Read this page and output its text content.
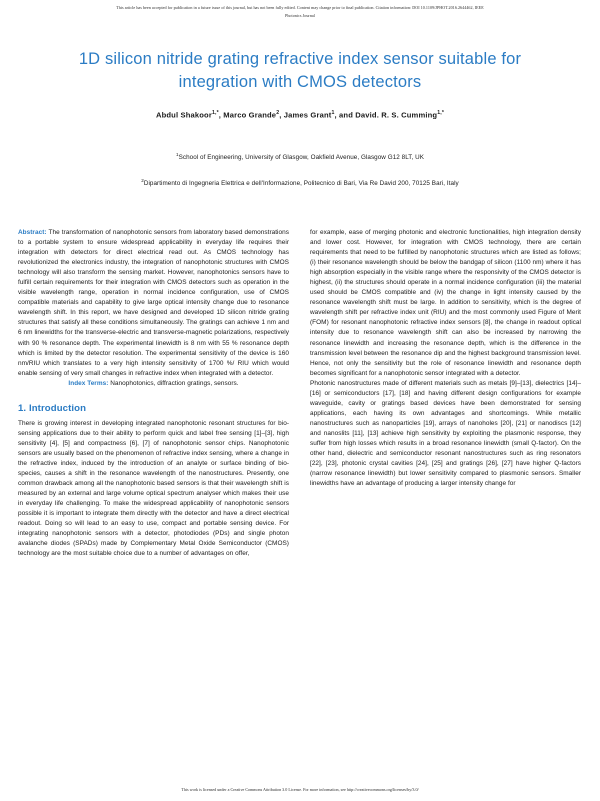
This article has been accepted for publication in a future issue of this journal, but has not been fully edited. Content may change prior to final publication. Citation information: DOI 10.1109/JPHOT.2016.2644462, IEEE
Photonics Journal
1D silicon nitride grating refractive index sensor suitable for integration with CMOS detectors
Abdul Shakoor$^{1,*}$, Marco Grande$^2$, James Grant$^1$, and David. R. S. Cumming$^{1,*}$
$^1$School of Engineering, University of Glasgow, Oakfield Avenue, Glasgow G12 8LT, UK
$^2$Dipartimento di Ingegneria Elettrica e dell'Informazione, Politecnico di Bari, Via Re David 200, 70125 Bari, Italy

Abstract: The transformation of nanophotonic sensors from laboratory based demonstrations to a portable system to ensure widespread applicability in everyday life requires their integration with detectors for direct electrical read out. As CMOS technology has revolutionized the electronics industry, the integration of nanophotonic structures with CMOS technology will also transform the sensing market. However, nanophotonics sensors have to fulfill certain requirements for their integration with CMOS detectors such as operation in the visible wavelength range, operation in normal incidence configuration, use of CMOS compatible materials and capability to give large optical intensity change due to resonance wavelength shift. In this report, we have designed and developed 1D silicon nitride grating structures that satisfy all these conditions simultaneously. The gratings can achieve 1 nm and 6 nm linewidths for the transverse-electric and transverse-magnetic polarizations, respectively with 90 % resonance depth. The experimental linewidth is 8 nm with 55 % resonance depth which is limited by the detector resolution. The experimental sensitivity of the device is 160 nm/RIU which translates to a very high intensity sensitivity of 1700 %/ RIU which would enable sensing of very small changes in refractive index when integrated with a detector.

Index Terms: Nanophotonics, diffraction gratings, sensors.

1. Introduction

There is growing interest in developing integrated nanophotonic resonant structures for bio-sensing applications due to their ability to perform quick and label free sensing [1]–[3], high sensitivity [4], [5] and compactness [6], [7] of nanophotonic sensor chips. Nanophotonic sensors are usually based on the phenomenon of refractive index sensing, where a change in the refractive index, induced by the introduction of an analyte or surface binding of bio-species, causes a shift in the resonance wavelength of the nanostructures. Presently, one common drawback among all the nanophotonic based sensors is that their wavelength shift is measured by an external and large volume optical spectrum analyser which makes their use in everyday life challenging. To make the widespread applicability of nanophotonic sensors possible it is important to integrate them directly with the detector and have a direct electrical readout. Doing so will lead to an easy to use, compact and portable sensing device. For integrating nanophotonic sensors with a detector, photodiodes (PDs) and single photon avalanche diodes (SPADs) made by Complementary Metal Oxide Semiconductor (CMOS) technology are the most suitable choice due to a number of advantages on offer,

for example, ease of merging photonic and electronic functionalities, high integration density and lower cost. However, for integration with CMOS technology, there are certain requirements that need to be fulfilled by nanophotonic structures which are listed as follows; (i) their resonance wavelength should be below the bandgap of silicon (1100 nm) where it has high absorption especially in the visible range where the responsivity of the CMOS detector is highest, (ii) the structures should operate in a normal incidence configuration (iii) the material used should be CMOS compatible and (iv) the change in light intensity caused by the resonance wavelength shift must be large. In addition to sensitivity, which is the degree of wavelength shift per refractive index unit (RIU) and the most commonly used Figure of Merit (FOM) for resonant nanophotonic refractive index sensors [8], the change in readout optical intensity due to resonance wavelength shift can also be increased by narrowing the resonance linewidth and increasing the resonance depth, which is the difference in the transmission level between the resonance dip and the highest background transmission level. Hence, not only the sensitivity but the role of resonance linewidth and resonance depth becomes significant for a nanophotonic sensor integrated with a detector.

Photonic nanostructures made of different materials such as metals [9]–[13], dielectrics [14]–[16] or semiconductors [17], [18] and having different design configurations for example waveguide, cavity or gratings based devices have been demonstrated for sensing applications, each having its own advantages and shortcomings. While metallic nanostructures such as nanoparticles [19], arrays of nanoholes [20], [21] or nanodiscs [12] and nanoslits [11], [13] achieve high sensitivity by exploiting the plasmonic response, they suffer from high losses which results in a broad resonance linewidth (small Q-factor). On the other hand, dielectric and semiconductor resonant nanostructures such as ring resonators [22], [23], photonic crystal cavities [24], [25] and gratings [26], [27] have higher Q-factors (narrow resonance linewidth) but lower sensitivity compared to plasmonic sensors. Smaller linewidths have an advantage of producing a larger intensity change for

This work is licensed under a Creative Commons Attribution 3.0 License. For more information, see http://creativecommons.org/licenses/by/3.0/
